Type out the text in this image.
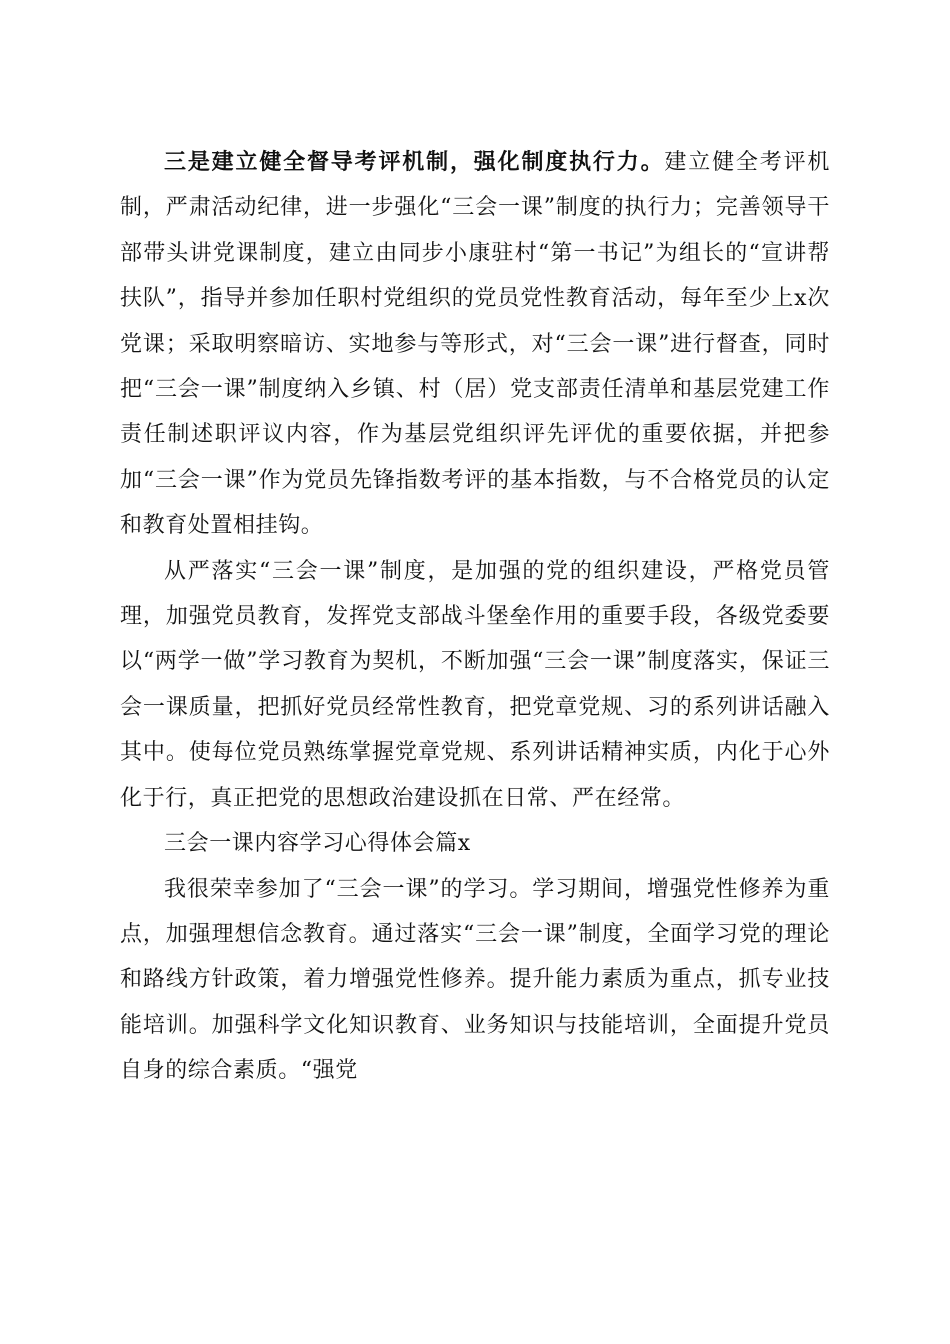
三是建立健全督导考评机制，强化制度执行力。建立健全考评机制，严肃活动纪律，进一步强化“三会一课”制度的执行力；完善领导干部带头讲党课制度，建立由同步小康驻村“第一书记”为组长的“宣讲帮扶队”，指导并参加任职村党组织的党员党性教育活动，每年至少上x次党课；采取明察暗访、实地参与等形式，对“三会一课”进行督查，同时把“三会一课”制度纳入乡镇、村（居）党支部责任清单和基层党建工作责任制述职评议内容，作为基层党组织评先评优的重要依据，并把参加“三会一课”作为党员先锋指数考评的基本指数，与不合格党员的认定和教育处置相挂钩。

从严落实“三会一课”制度，是加强的党的组织建设，严格党员管理，加强党员教育，发挥党支部战斗堡垒作用的重要手段，各级党委要以“两学一做”学习教育为契机，不断加强“三会一课”制度落实，保证三会一课质量，把抓好党员经常性教育，把党章党规、习的系列讲话融入其中。使每位党员熟练掌握党章党规、系列讲话精神实质，内化于心外化于行，真正把党的思想政治建设抓在日常、严在经常。

三会一课内容学习心得体会篇x

我很荣幸参加了“三会一课”的学习。学习期间，增强党性修养为重点，加强理想信念教育。通过落实“三会一课”制度，全面学习党的理论和路线方针政策，着力增强党性修养。提升能力素质为重点，抓专业技能培训。加强科学文化知识教育、业务知识与技能培训，全面提升党员自身的综合素质。“强党
